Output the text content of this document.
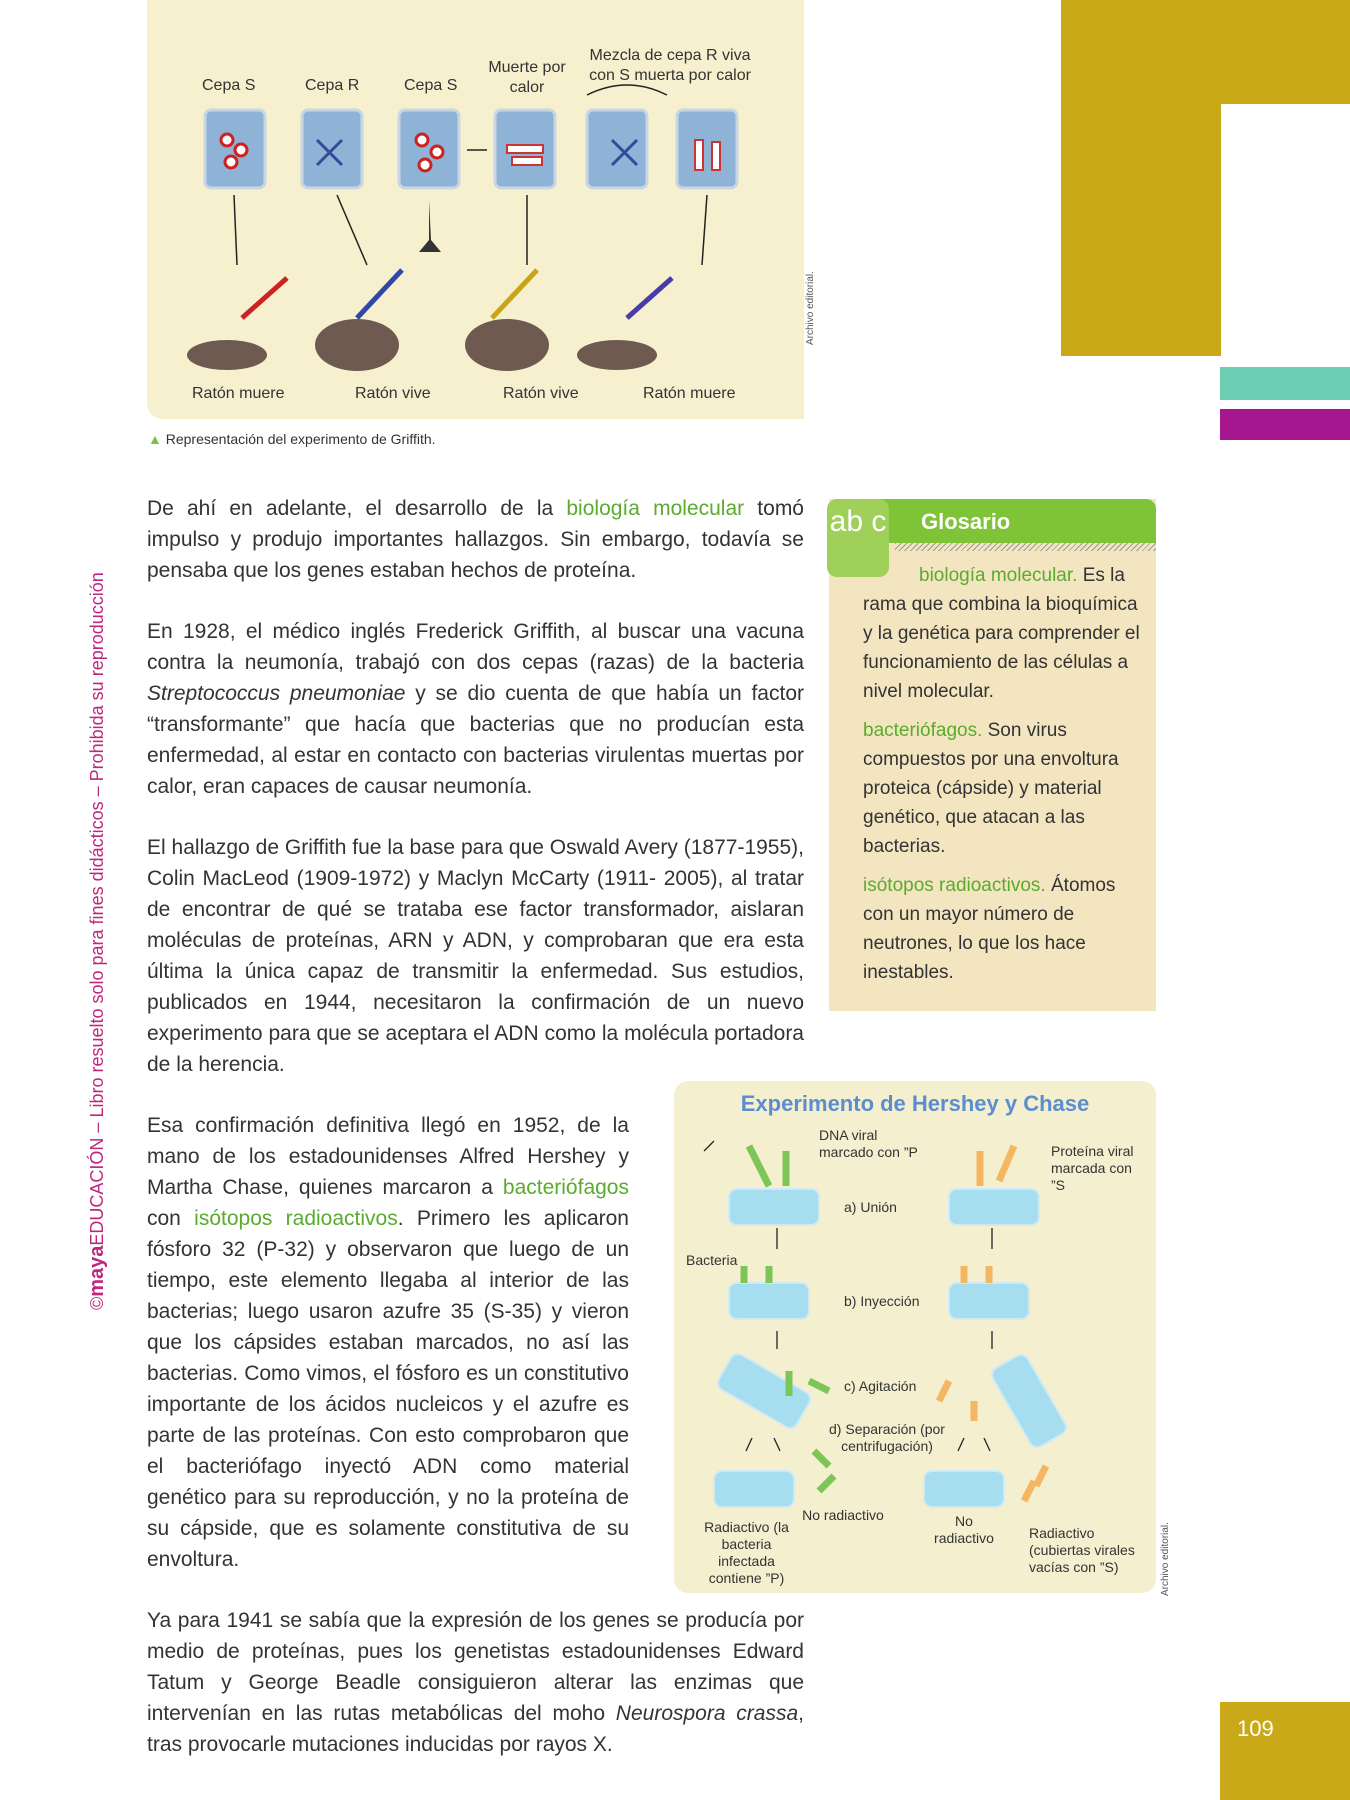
Cepa S	Cepa R	Cepa S
Muerte por calor
Mezcla de cepa R viva con S muerta por calor
Ratón muere	Ratón vive	Ratón vive	Ratón muere
Archivo editorial.
▲ Representación del experimento de Griffith.
©mayaEDUCACIÓN – Libro resuelto solo para fines didácticos – Prohibida su reproducción

De ahí en adelante, el desarrollo de la biología molecular tomó impulso y produjo importantes hallazgos. Sin embargo, todavía se pensaba que los genes estaban hechos de proteína.

En 1928, el médico inglés Frederick Griffith, al buscar una vacuna contra la neumonía, trabajó con dos cepas (razas) de la bacteria Streptococcus pneumoniae y se dio cuenta de que había un factor “transformante” que hacía que bacterias que no producían esta enfermedad, al estar en contacto con bacterias virulentas muertas por calor, eran capaces de causar neumonía.

El hallazgo de Griffith fue la base para que Oswald Avery (1877-1955), Colin MacLeod (1909-1972) y Maclyn McCarty (1911- 2005), al tratar de encontrar de qué se trataba ese factor transformador, aislaran moléculas de proteínas, ARN y ADN, y comprobaran que era esta última la única capaz de transmitir la enfermedad. Sus estudios, publicados en 1944, necesitaron la confirmación de un nuevo experimento para que se aceptara el ADN como la molécula portadora de la herencia.

Esa confirmación definitiva llegó en 1952, de la mano de los estadounidenses Alfred Hershey y Martha Chase, quienes marcaron a bacteriófagos con isótopos radioactivos. Primero les aplicaron fósforo 32 (P-32) y observaron que luego de un tiempo, este elemento llegaba al interior de las bacterias; luego usaron azufre 35 (S-35) y vieron que los cápsides estaban marcados, no así las bacterias. Como vimos, el fósforo es un constitutivo importante de los ácidos nucleicos y el azufre es parte de las proteínas. Con esto comprobaron que el bacteriófago inyectó ADN como material genético para su reproducción, y no la proteína de su cápside, que es solamente constitutiva de su envoltura.

Ya para 1941 se sabía que la expresión de los genes se producía por medio de proteínas, pues los genetistas estadounidenses Edward Tatum y George Beadle consiguieron alterar las enzimas que intervenían en las rutas metabólicas del moho Neurospora crassa, tras provocarle mutaciones inducidas por rayos X.

ab c Glosario
biología molecular. Es la rama que combina la bioquímica y la genética para comprender el funcionamiento de las células a nivel molecular.
bacteriófagos. Son virus compuestos por una envoltura proteica (cápside) y material genético, que atacan a las bacterias.
isótopos radioactivos. Átomos con un mayor número de neutrones, lo que los hace inestables.
Experimento de Hershey y Chase
DNA viral marcado con ”P	Proteína viral marcada con ”S
Bacteria
a) Unión
b) Inyección
c) Agitación
d) Separación (por centrifugación)
Radiactivo (la bacteria infectada contiene ”P)
No radiactivo	No radiactivo	Radiactivo (cubiertas virales vacías con ”S)	Archivo editorial.
109
